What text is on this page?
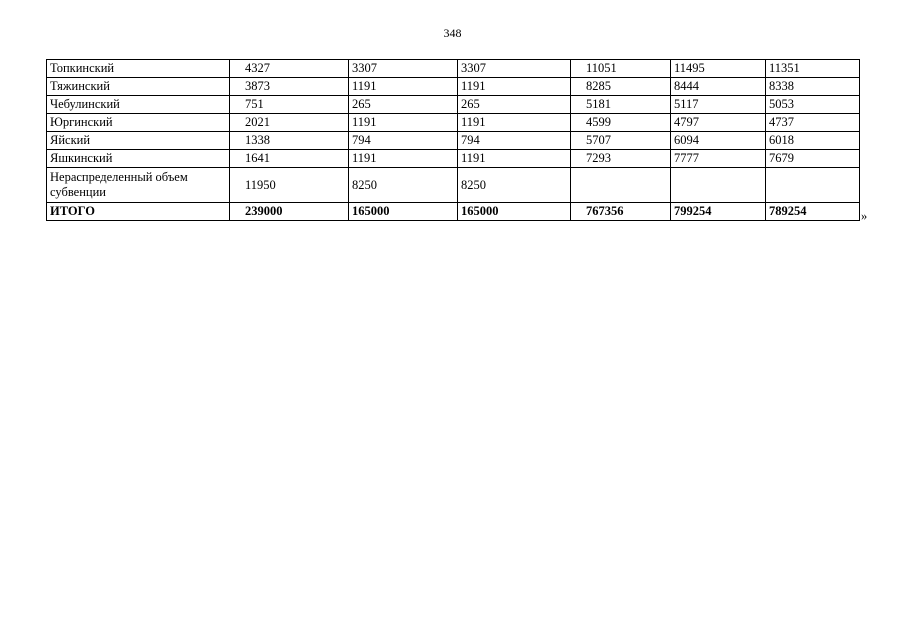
348
Топкинский	4327	3307	3307	11051	11495	11351
Тяжинский	3873	1191	1191	8285	8444	8338
Чебулинский	751	265	265	5181	5117	5053
Юргинский	2021	1191	1191	4599	4797	4737
Яйский	1338	794	794	5707	6094	6018
Яшкинский	1641	1191	1191	7293	7777	7679
Нераспределенный объем субвенции	11950	8250	8250			
ИТОГО	239000	165000	165000	767356	799254	789254	»
